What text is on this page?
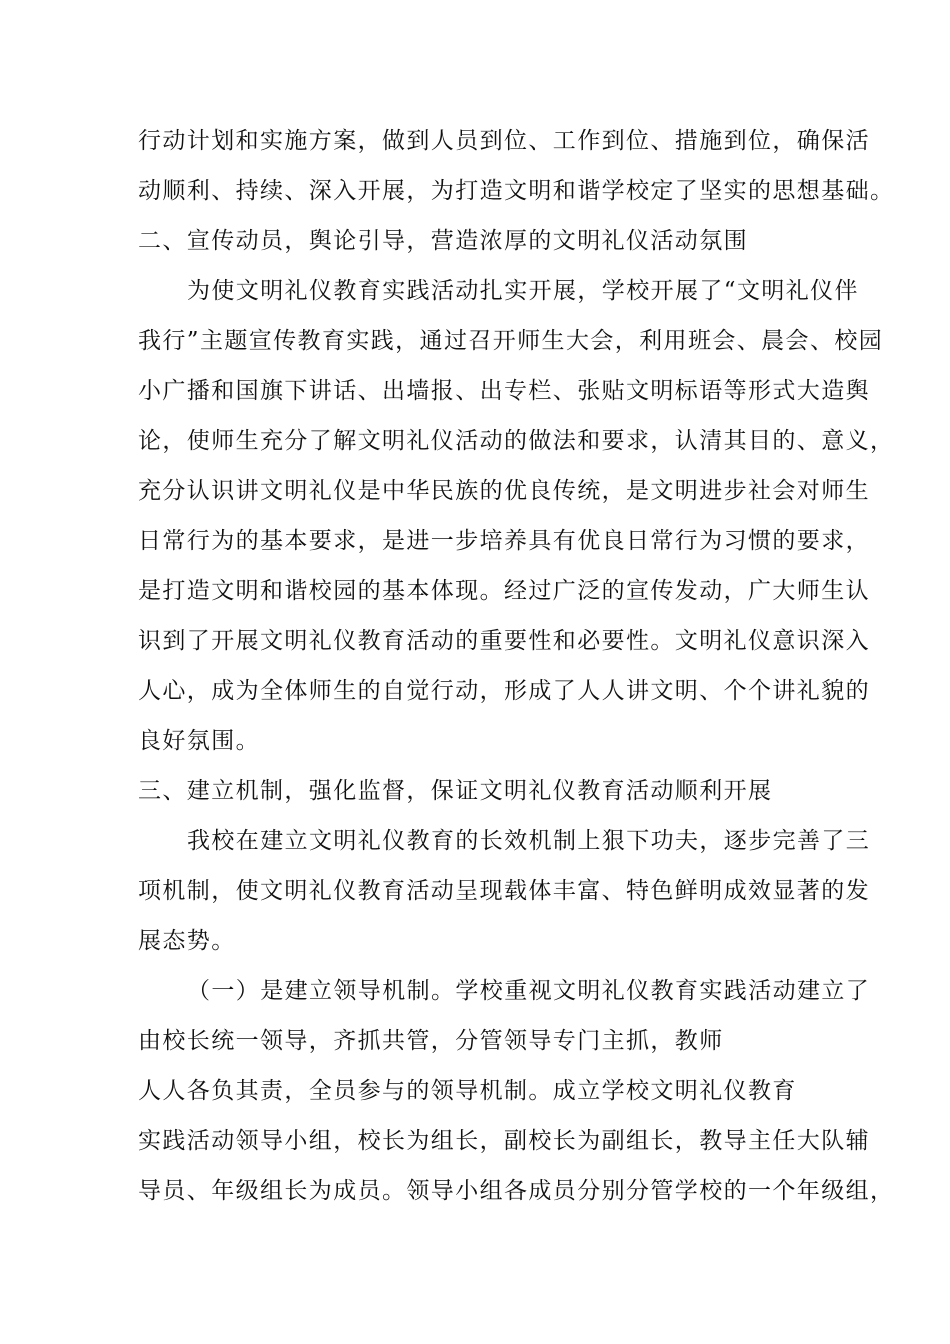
行动计划和实施方案，做到人员到位、工作到位、措施到位，确保活
动顺利、持续、深入开展，为打造文明和谐学校定了坚实的思想基础。
二、宣传动员，舆论引导，营造浓厚的文明礼仪活动氛围
为使文明礼仪教育实践活动扎实开展，学校开展了“文明礼仪伴
我行”主题宣传教育实践，通过召开师生大会，利用班会、晨会、校园
小广播和国旗下讲话、出墙报、出专栏、张贴文明标语等形式大造舆
论，使师生充分了解文明礼仪活动的做法和要求，认清其目的、意义，
充分认识讲文明礼仪是中华民族的优良传统，是文明进步社会对师生
日常行为的基本要求，是进一步培养具有优良日常行为习惯的要求，
是打造文明和谐校园的基本体现。经过广泛的宣传发动，广大师生认
识到了开展文明礼仪教育活动的重要性和必要性。文明礼仪意识深入
人心，成为全体师生的自觉行动，形成了人人讲文明、个个讲礼貌的
良好氛围。
三、建立机制，强化监督，保证文明礼仪教育活动顺利开展
我校在建立文明礼仪教育的长效机制上狠下功夫，逐步完善了三
项机制，使文明礼仪教育活动呈现载体丰富、特色鲜明成效显著的发
展态势。
（一）是建立领导机制。学校重视文明礼仪教育实践活动建立了
由校长统一领导，齐抓共管，分管领导专门主抓，教师
人人各负其责，全员参与的领导机制。成立学校文明礼仪教育
实践活动领导小组，校长为组长，副校长为副组长，教导主任大队辅
导员、年级组长为成员。领导小组各成员分别分管学校的一个年级组，
